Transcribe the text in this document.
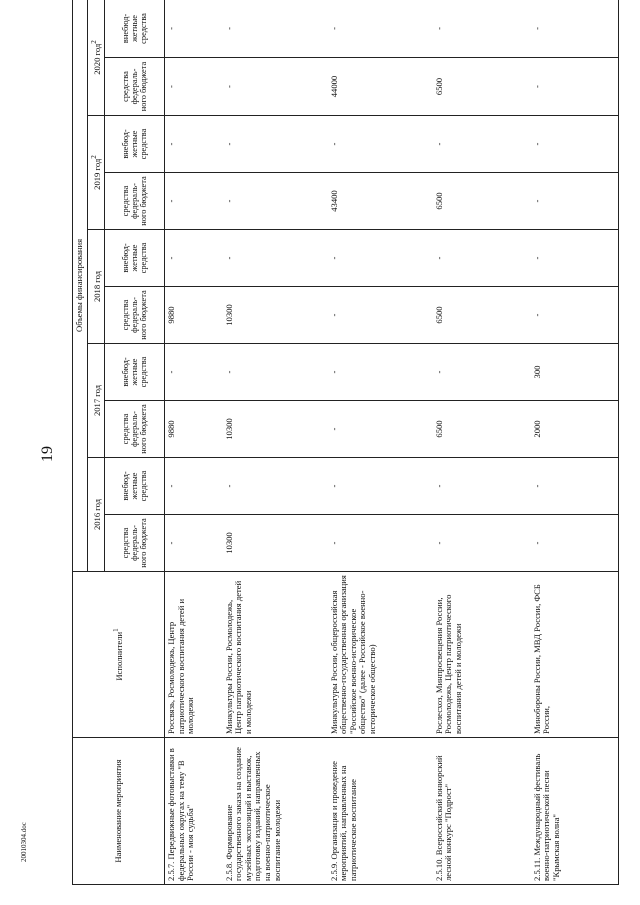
19
20010304.doc	Наименование мероприятия	Исполнители$^1$	Объемы финансирования									
		2016 год		2017 год		2018 год		2019 год$^2$		2020 год$^2$
		средства федераль-ного бюджета	внебюд-жетные средства	средства федераль-ного бюджета	внебюд-жетные средства	средства федераль-ного бюджета	внебюд-жетные средства	средства федераль-ного бюджета	внебюд-жетные средства	средства федераль-ного бюджета	внебюд-жетные средства
2.5.7. Передвижные фотовыставки в федеральных округах на тему "В России - моя судьба"	Россвязь, Росмолодежь, Центр патриотического воспитания детей и молодежи	-	-	9880	-	9880	-	-	-	-	-
2.5.8. Формирование государственного заказа на создание музейных экспозиций и выставок, подготовку изданий, направленных на военно-патриотическое воспитание молодежи	Минкультуры России, Росмолодежь, Центр патриотического воспитания детей и молодежи	10300	-	10300	-	10300	-	-	-	-	-
2.5.9. Организация и проведение мероприятий, направленных на патриотическое воспитание	Минкультуры России, общероссийская общественно-государственная организация "Российское военно-историческое общество" (далее - Российское военно-историческое общество)	-	-	-	-	-	-	43400	-	44000	-
2.5.10. Всероссийский юниорский лесной конкурс "Подрост"	Рослесхоз, Минпросвещения России, Росмолодежь, Центр патриотического воспитания детей и молодежи	-	-	6500	-	6500	-	6500	-	6500	-
2.5.11. Международный фестиваль военно-патриотической песни "Крымская волна"	Минобороны России, МВД России, ФСБ России,	-	-	2000	300	-	-	-	-	-	-
